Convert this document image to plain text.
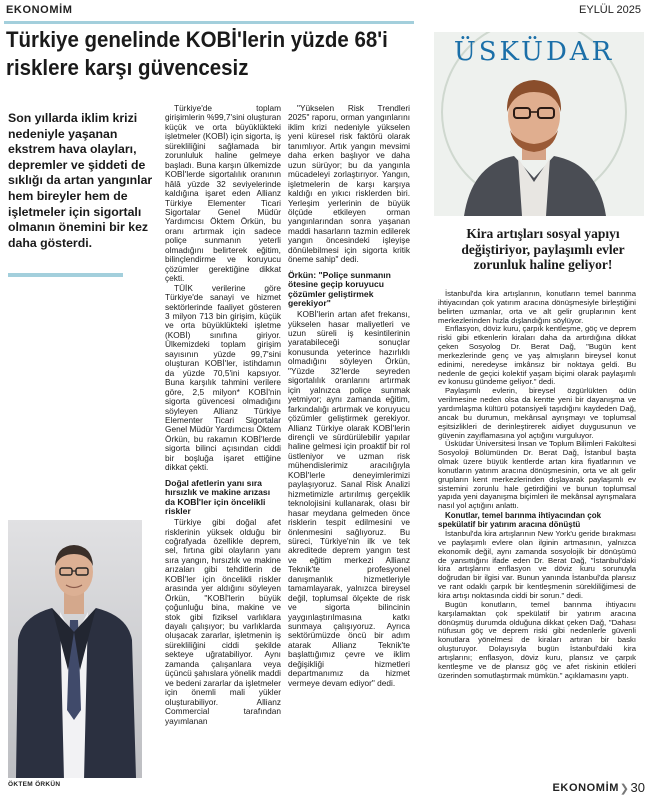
EKONOMİM	EYLÜL 2025
Türkiye genelinde KOBİ'lerin yüzde 68'i risklere karşı güvencesiz
Son yıllarda iklim krizi nedeniyle yaşanan ekstrem hava olayları, depremler ve şiddeti de sıklığı da artan yangınlar hem bireyler hem de işletmeler için sigortalı olmanın önemini bir kez daha gösterdi.

Türkiye'de toplam girişimlerin %99,7'sini oluşturan küçük ve orta büyüklükteki işletmeler (KOBİ) için sigorta, iş sürekliliğini sağlamada bir zorunluluk haline gelmeye başladı. Buna karşın ülkemizde KOBİ'lerde sigortalılık oranının hâlâ yüzde 32 seviyelerinde kaldığına işaret eden Allianz Türkiye Elementer Ticari Sigortalar Genel Müdür Yardımcısı Öktem Örkün, bu oranı artırmak için sadece poliçe sunmanın yeterli olmadığını belirterek eğitim, bilinçlendirme ve koruyucu çözümler gerektiğine dikkat çekti.

TÜİK verilerine göre Türkiye'de sanayi ve hizmet sektörlerinde faaliyet gösteren 3 milyon 713 bin girişim, küçük ve orta büyüklükteki işletme (KOBİ) sınıfına giriyor. Ülkemizdeki toplam girişim sayısının yüzde 99,7'sini oluşturan KOBİ'ler, istihdamın da yüzde 70,5'ini kapsıyor. Buna karşılık tahmini verilere göre, 2,5 milyon* KOBİ'nin sigorta güvencesi olmadığını söyleyen Allianz Türkiye Elementer Ticari Sigortalar Genel Müdür Yardımcısı Öktem Örkün, bu rakamın KOBİ'lerde sigorta bilinci açısından ciddi bir boşluğa işaret ettiğine dikkat çekti.

Doğal afetlerin yanı sıra hırsızlık ve makine arızası da KOBİ'ler için öncelikli riskler

Türkiye gibi doğal afet risklerinin yüksek olduğu bir coğrafyada özellikle deprem, sel, fırtına gibi olayların yanı sıra yangın, hırsızlık ve makine arızaları gibi tehditlerin de KOBİ'ler için öncelikli riskler arasında yer aldığını söyleyen Örkün, "KOBİ'lerin büyük çoğunluğu bina, makine ve stok gibi fiziksel varlıklara dayalı çalışıyor; bu varlıklarda oluşacak zararlar, işletmenin iş sürekliliğini ciddi şekilde sekteye uğratabiliyor. Aynı zamanda çalışanlara veya üçüncü şahıslara yönelik maddi ve bedeni zararlar da işletmeler için önemli mali yükler oluşturabiliyor. Allianz Commercial tarafından yayımlanan

"Yükselen Risk Trendleri 2025" raporu, orman yangınlarını iklim krizi nedeniyle yükselen yeni küresel risk faktörü olarak tanımlıyor. Artık yangın mevsimi daha erken başlıyor ve daha uzun sürüyor; bu da yangınla mücadeleyi zorlaştırıyor. Yangın, işletmelerin de karşı karşıya kaldığı en yıkıcı risklerden biri. Yerleşim yerlerinin de büyük ölçüde etkileyen orman yangınlarından sonra yaşanan maddi hasarların tazmin edilerek yangın öncesindeki işleyişe dönülebilmesi için sigorta kritik öneme sahip" dedi.

Örkün: "Poliçe sunmanın ötesine geçip koruyucu çözümler geliştirmek gerekiyor"

KOBİ'lerin artan afet frekansı, yükselen hasar maliyetleri ve uzun süreli iş kesintilerinin yaratabileceği sonuçlar konusunda yeterince hazırlıklı olmadığını söyleyen Örkün, "Yüzde 32'lerde seyreden sigortalılık oranlarını artırmak için yalnızca poliçe sunmak yetmiyor; aynı zamanda eğitim, farkındalığı artırmak ve koruyucu çözümler geliştirmek gerekiyor. Allianz Türkiye olarak KOBİ'lerin dirençli ve sürdürülebilir yapılar haline gelmesi için proaktif bir rol üstleniyor ve uzman risk mühendislerimiz aracılığıyla KOBİ'lerle deneyimlerimizi paylaşıyoruz. Sanal Risk Analizi hizmetimizle artırılmış gerçeklik teknolojisini kullanarak, olası bir hasar meydana gelmeden önce risklerin tespit edilmesini ve önlenmesini sağlıyoruz. Bu süreci, Türkiye'nin ilk ve tek akreditede deprem yangın test ve eğitim merkezi Allianz Teknik'te profesyonel danışmanlık hizmetleriyle tamamlayarak, yalnızca bireysel değil, toplumsal ölçekte de risk ve sigorta bilincinin yaygınlaştırılmasına katkı sunmaya çalışıyoruz. Ayrıca sektörümüzde öncü bir adım atarak Allianz Teknik'te başlattığımız çevre ve iklim değişikliği hizmetleri departmanımız da hizmet vermeye devam ediyor" dedi.

ÖKTEM ÖRKÜN
ÜSKÜDAR
Kira artışları sosyal yapıyı değiştiriyor, paylaşımlı evler zorunluk haline geliyor!

İstanbul'da kira artışlarının, konutların temel barınma ihtiyacından çok yatırım aracına dönüşmesiyle birleştiğini belirten uzmanlar, orta ve alt gelir gruplarının kent merkezlerinden hızla dışlandığını söylüyor.

Enflasyon, döviz kuru, çarpık kentleşme, göç ve deprem riski gibi etkenlerin kiraları daha da artırdığına dikkat çeken Sosyolog Dr. Berat Dağ, "Bugün kent merkezlerinde genç ve yaş almışların bireysel konut edinimi, neredeyse imkânsız bir noktaya geldi. Bu nedenle de geçici kolektif yaşam biçimi olarak paylaşımlı ev konusu gündeme geliyor." dedi.

Paylaşımlı evlerin, bireysel özgürlükten ödün verilmesine neden olsa da kentte yeni bir dayanışma ve yardımlaşma kültürü potansiyeli taşıdığını kaydeden Dağ, ancak bu durumun, mekânsal ayrışmayı ve toplumsal eşitsizlikleri de derinleştirerek aidiyet duygusunun ve güvenin zayıflamasına yol açtığını vurguluyor.

Üsküdar Üniversitesi İnsan ve Toplum Bilimleri Fakültesi Sosyoloji Bölümünden Dr. Berat Dağ, İstanbul başta olmak üzere büyük kentlerde artan kira fiyatlarının ve konutların yatırım aracına dönüşmesinin, orta ve alt gelir grupların kent merkezlerinden dışlayarak paylaşımlı ev sistemini zorunlu hale getirdiğini ve bunun toplumsal yapıda yeni dayanışma biçimleri ile mekânsal ayrışmalara nasıl yol açtığını anlattı.

Konutlar, temel barınma ihtiyacından çok spekülatif bir yatırım aracına dönüştü

İstanbul'da kira artışlarının New York'u geride bırakması ve paylaşımlı evlere olan ilginin artmasının, yalnızca ekonomik değil, aynı zamanda sosyolojik bir dönüşümü de yansıttığını ifade eden Dr. Berat Dağ, "İstanbul'daki kira artışlarını enflasyon ve döviz kuru sorunuyla doğrudan bir ilgisi var. Bunun yanında İstanbul'da plansız ve rant odaklı çarpık bir kentleşmenin sürekliliğimesi de kira artışı noktasında ciddi bir sorun." dedi.

Bugün konutların, temel barınma ihtiyacını karşılamaktan çok spekülatif bir yatırım aracına dönüşmüş durumda olduğuna dikkat çeken Dağ, "Dahası nüfusun göç ve deprem riski gibi nedenlerle güvenli konutlara yönelmesi de kiraları artıran bir baskı oluşturuyor. Dolayısıyla bugün İstanbul'daki kira artışlarını; enflasyon, döviz kuru, plansız ve çarpık kentleşme ve de plansız göç ve afet riskinin etkileri üzerinden somutlaştırmak mümkün." açıklamasını yaptı.

EKONOMİM ❯ 30
